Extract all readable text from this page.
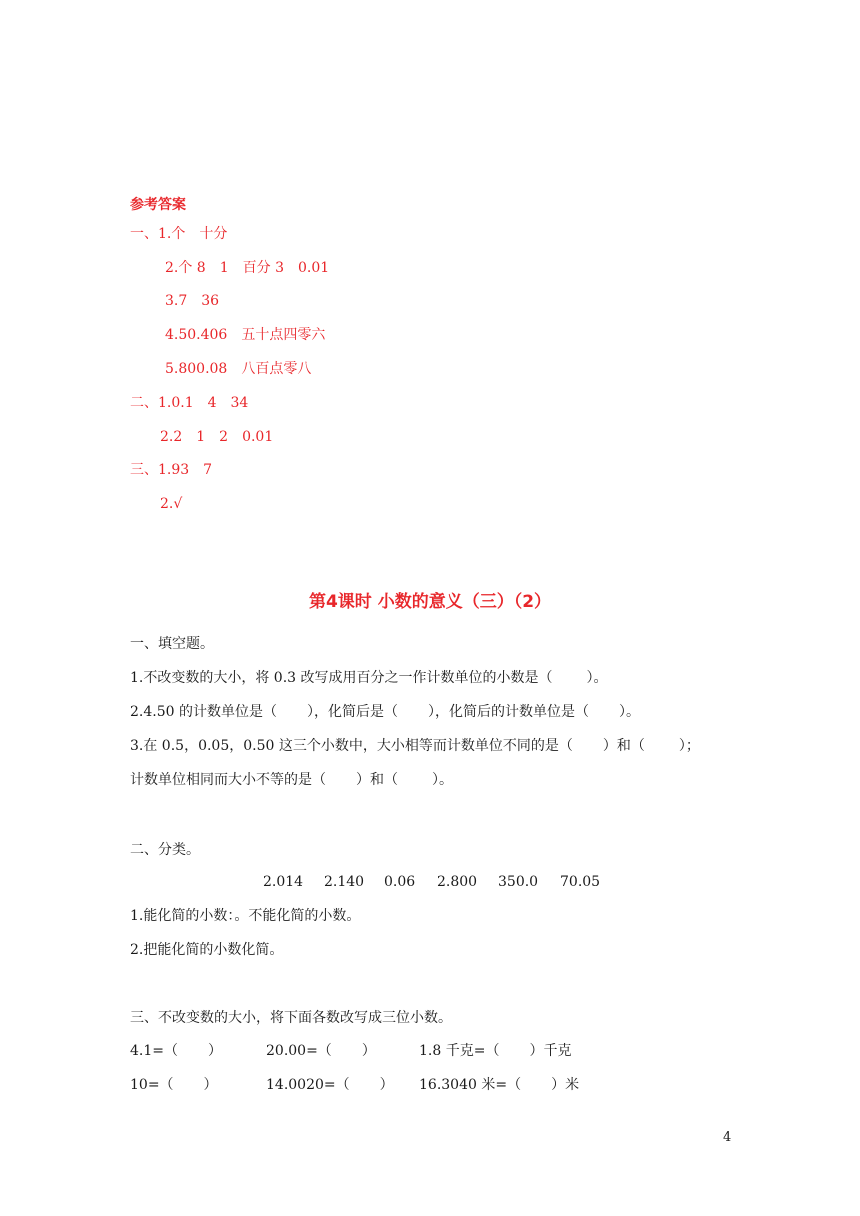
参考答案
一、1.个　十分
2.个 8　1　百分 3　0.01
3.7　36
4.50.406　五十点四零六
5.800.08　八百点零八
二、1.0.1　4　34
2.2　1　2　0.01
三、1.93　7
2.√
第4课时 小数的意义（三）（2）
一、填空题。
1.不改变数的大小，将 0.3 改写成用百分之一作计数单位的小数是（ ）。
2.4.50 的计数单位是（ ），化简后是（ ），化简后的计数单位是（ ）。
3.在 0.5，0.05，0.50 这三个小数中，大小相等而计数单位不同的是（ ）和（ ）；
计数单位相同而大小不等的是（ ）和（ ）。
二、分类。
2.014 2.140 0.06 2.800 350.0 70.05
1.能化简的小数：。不能化简的小数。
2.把能化简的小数化简。
三、不改变数的大小，将下面各数改写成三位小数。
4.1=（ ）	20.00=（ ）	1.8 千克=（ ）千克
10=（ ）	14.0020=（ ） 16.3040 米=（ ）米
4
